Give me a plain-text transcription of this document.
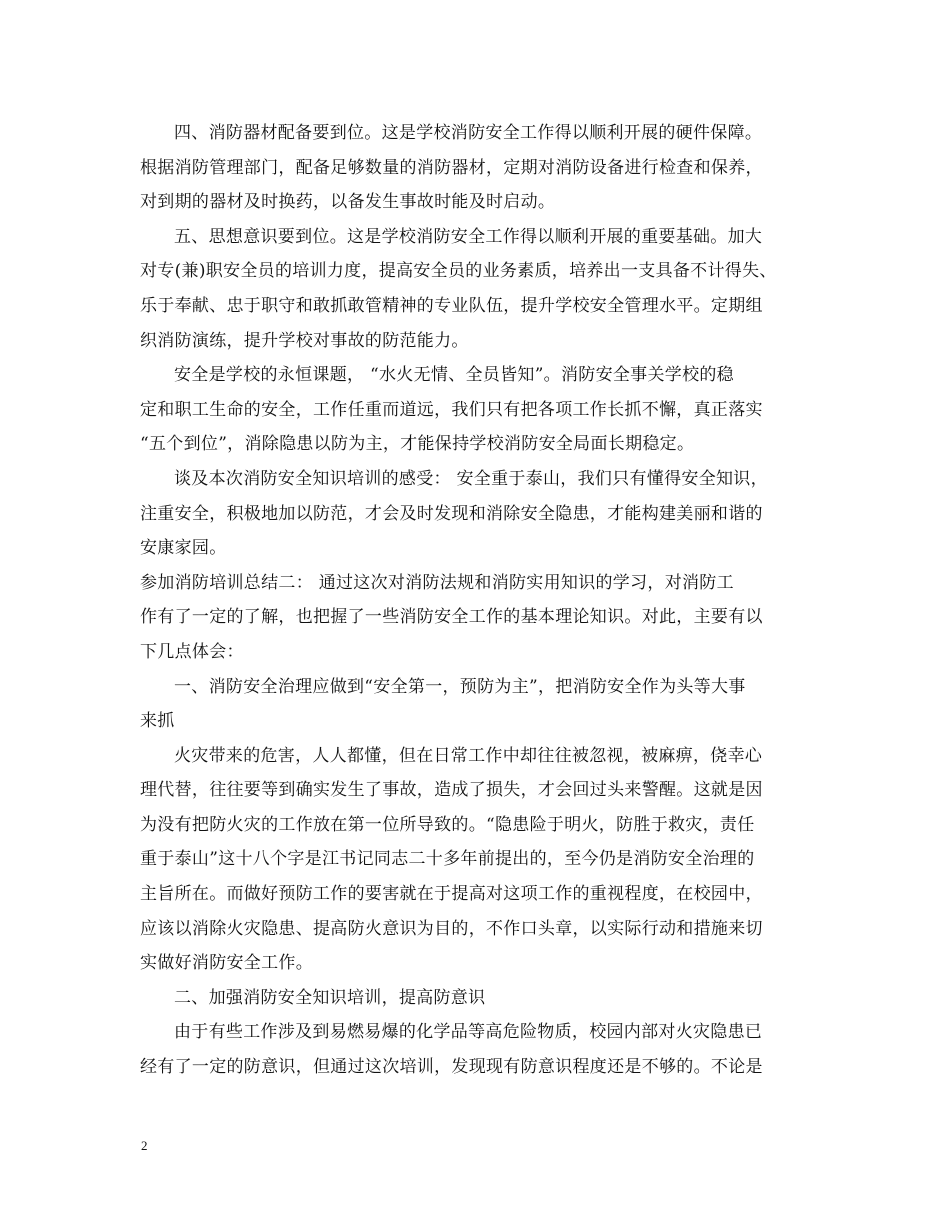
四、消防器材配备要到位。这是学校消防安全工作得以顺利开展的硬件保障。
根据消防管理部门，配备足够数量的消防器材，定期对消防设备进行检查和保养，
对到期的器材及时换药，以备发生事故时能及时启动。
五、思想意识要到位。这是学校消防安全工作得以顺利开展的重要基础。加大
对专(兼)职安全员的培训力度，提高安全员的业务素质，培养出一支具备不计得失、
乐于奉献、忠于职守和敢抓敢管精神的专业队伍，提升学校安全管理水平。定期组
织消防演练，提升学校对事故的防范能力。
安全是学校的永恒课题， “水火无情、全员皆知”。消防安全事关学校的稳
定和职工生命的安全，工作任重而道远，我们只有把各项工作长抓不懈，真正落实
“五个到位”，消除隐患以防为主，才能保持学校消防安全局面长期稳定。
谈及本次消防安全知识培训的感受： 安全重于泰山，我们只有懂得安全知识，
注重安全，积极地加以防范，才会及时发现和消除安全隐患，才能构建美丽和谐的
安康家园。
参加消防培训总结二： 通过这次对消防法规和消防实用知识的学习，对消防工
作有了一定的了解，也把握了一些消防安全工作的基本理论知识。对此，主要有以
下几点体会：
一、消防安全治理应做到“安全第一，预防为主”，把消防安全作为头等大事
来抓
火灾带来的危害，人人都懂，但在日常工作中却往往被忽视，被麻痹，侥幸心
理代替，往往要等到确实发生了事故，造成了损失，才会回过头来警醒。这就是因
为没有把防火灾的工作放在第一位所导致的。“隐患险于明火，防胜于救灾，责任
重于泰山”这十八个字是江书记同志二十多年前提出的，至今仍是消防安全治理的
主旨所在。而做好预防工作的要害就在于提高对这项工作的重视程度，在校园中，
应该以消除火灾隐患、提高防火意识为目的，不作口头章，以实际行动和措施来切
实做好消防安全工作。
二、加强消防安全知识培训，提高防意识
由于有些工作涉及到易燃易爆的化学品等高危险物质，校园内部对火灾隐患已
经有了一定的防意识，但通过这次培训，发现现有防意识程度还是不够的。不论是
2
